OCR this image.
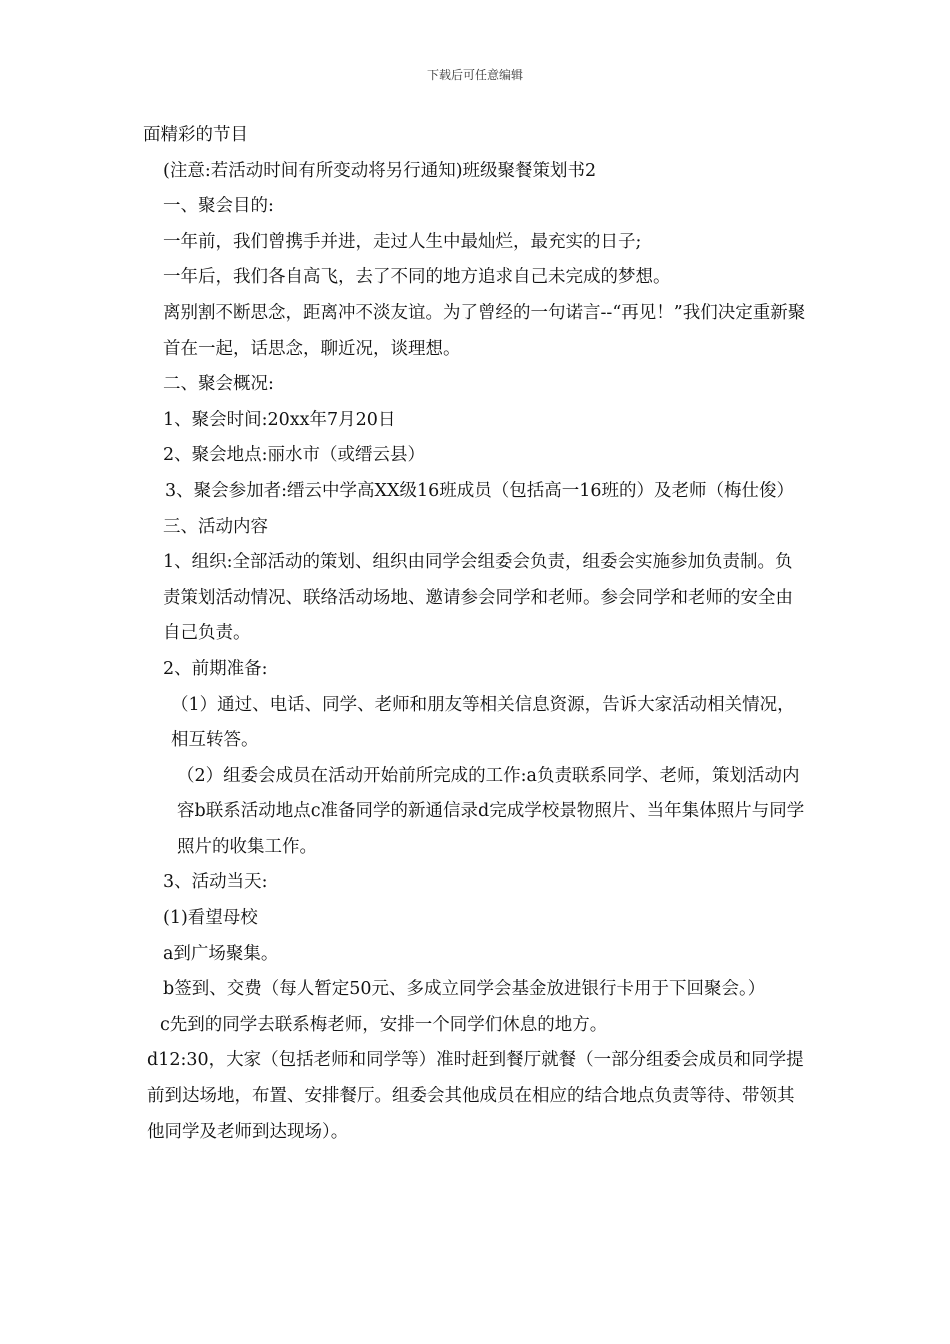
下载后可任意编辑

面精彩的节目

(注意:若活动时间有所变动将另行通知)班级聚餐策划书2

一、聚会目的:

一年前，我们曾携手并进，走过人生中最灿烂，最充实的日子;

一年后，我们各自高飞，去了不同的地方追求自己未完成的梦想。

离别割不断思念，距离冲不淡友谊。为了曾经的一句诺言--“再见！”我们决定重新聚首在一起，话思念，聊近况，谈理想。

二、聚会概况:

1、聚会时间:20xx年7月20日

2、聚会地点:丽水市（或缙云县）

3、聚会参加者:缙云中学高XX级16班成员（包括高一16班的）及老师（梅仕俊）

三、活动内容

1、组织:全部活动的策划、组织由同学会组委会负责，组委会实施参加负责制。负责策划活动情况、联络活动场地、邀请参会同学和老师。参会同学和老师的安全由自己负责。

2、前期准备:

（1）通过、电话、同学、老师和朋友等相关信息资源，告诉大家活动相关情况，相互转答。

（2）组委会成员在活动开始前所完成的工作:a负责联系同学、老师，策划活动内容b联系活动地点c准备同学的新通信录d完成学校景物照片、当年集体照片与同学照片的收集工作。

3、活动当天:

(1)看望母校

a到广场聚集。

b签到、交费（每人暂定50元、多成立同学会基金放进银行卡用于下回聚会。）

c先到的同学去联系梅老师，安排一个同学们休息的地方。

d12:30，大家（包括老师和同学等）准时赶到餐厅就餐（一部分组委会成员和同学提前到达场地，布置、安排餐厅。组委会其他成员在相应的结合地点负责等待、带领其他同学及老师到达现场）。
